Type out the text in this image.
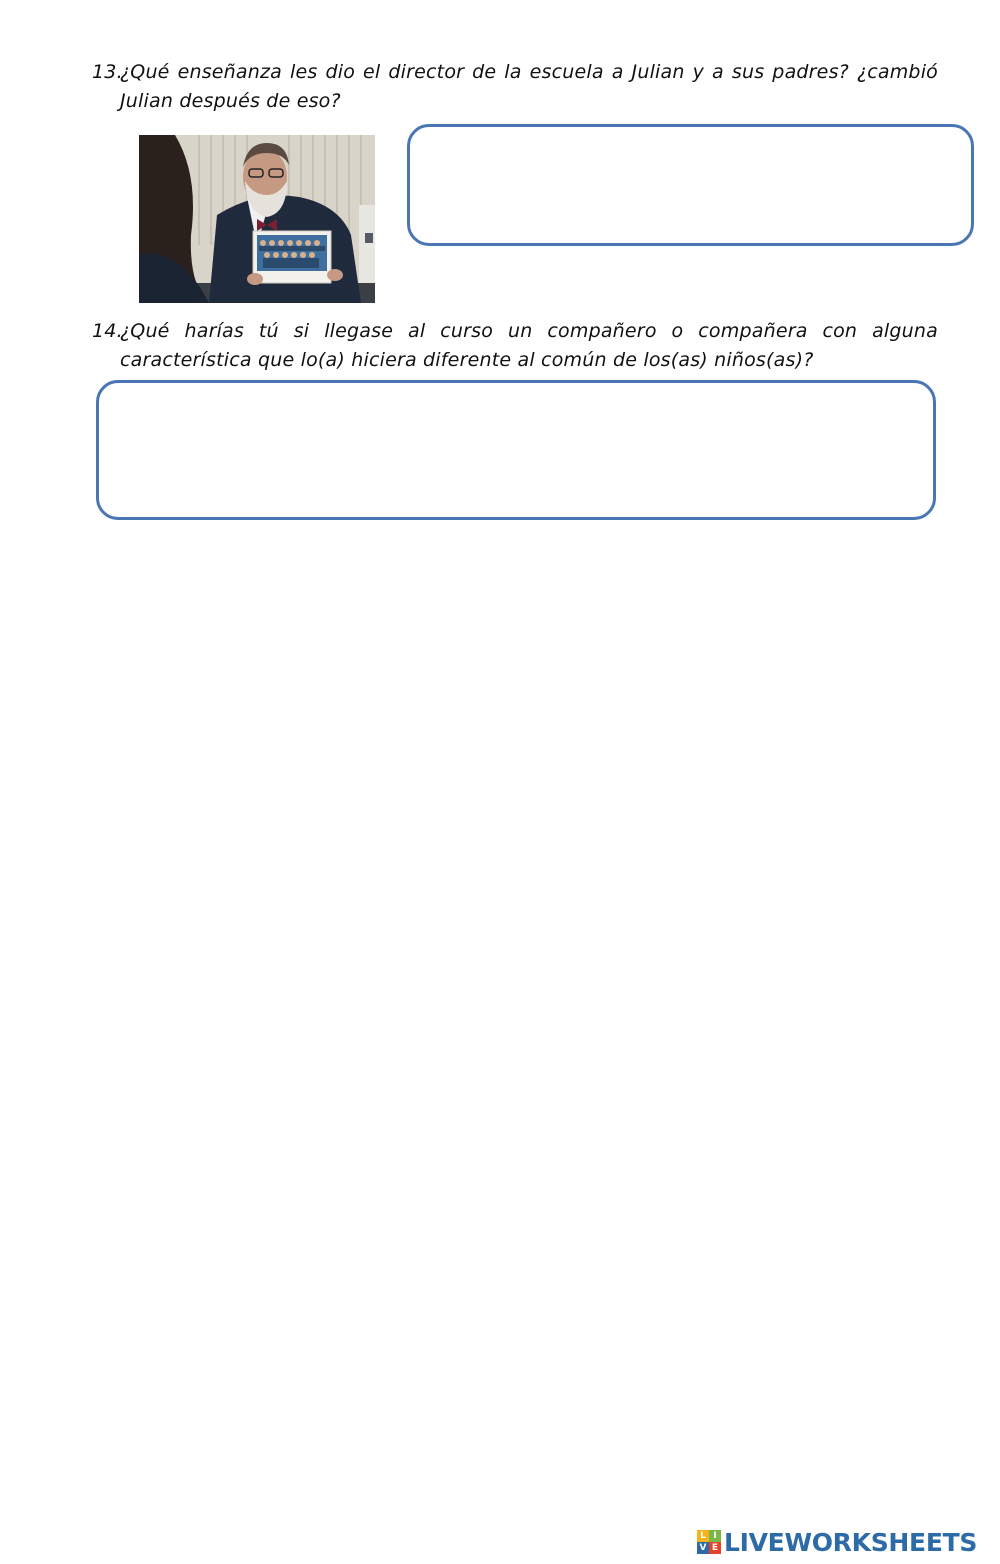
13.
¿Qué enseñanza les dio el director de la escuela a Julian y a sus padres? ¿cambió Julian después de eso?
14.
¿Qué harías tú si llegase al curso un compañero o compañera con alguna característica que lo(a) hiciera diferente al común de los(as) niños(as)?
L I
V E LIVEWORKSHEETS
